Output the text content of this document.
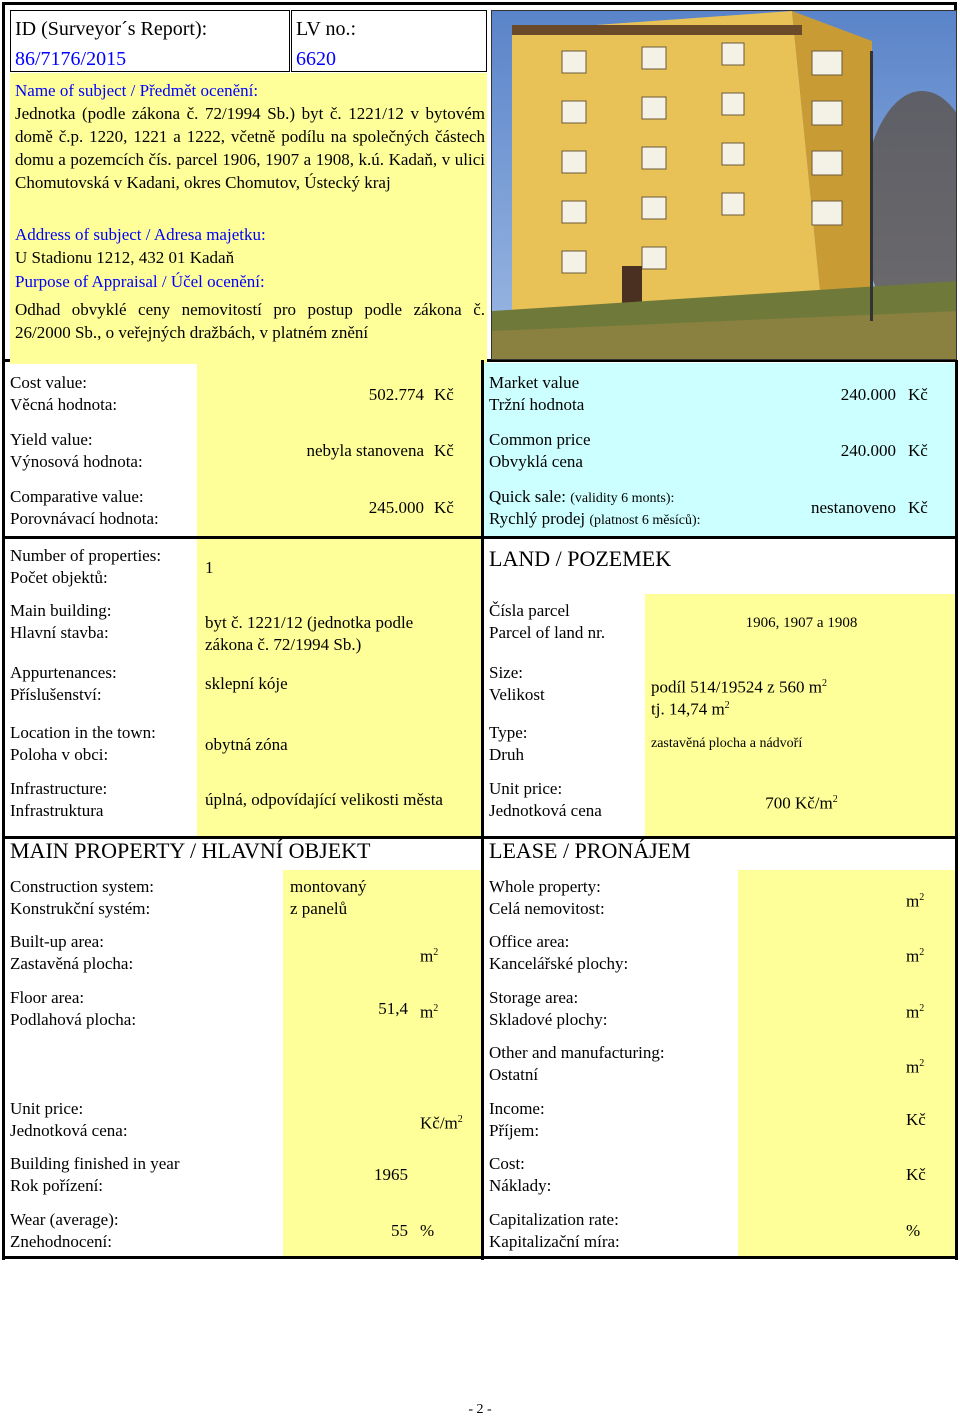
ID (Surveyor´s Report):
86/7176/2015
LV no.:
6620
Name of subject / Předmět ocenění:
Jednotka (podle zákona č. 72/1994 Sb.) byt č. 1221/12 v bytovém domě č.p. 1220, 1221 a 1222, včetně podílu na společných částech domu a pozemcích čís. parcel 1906, 1907 a 1908, k.ú. Kadaň, v ulici Chomutovská v Kadani, okres Chomutov, Ústecký kraj
Address of subject / Adresa majetku:
U Stadionu 1212, 432 01 Kadaň
Purpose of Appraisal / Účel ocenění:
Odhad obvyklé ceny nemovitostí pro postup podle zákona č. 26/2000 Sb., o veřejných dražbách, v platném znění
Cost value:
Věcná hodnota:
502.774 Kč
Yield value:
Výnosová hodnota:
nebyla stanovena Kč
Comparative value:
Porovnávací hodnota:
245.000 Kč
Market value
Tržní hodnota
240.000 Kč
Common price
Obvyklá cena
240.000 Kč
Quick sale: (validity 6 monts):
Rychlý prodej (platnost 6 měsíců):
nestanoveno Kč
Number of properties:
Počet objektů:
1
Main building:
Hlavní stavba:
byt č. 1221/12 (jednotka podle zákona č. 72/1994 Sb.)
Appurtenances:
Příslušenství:
sklepní kóje
Location in the town:
Poloha v obci:
obytná zóna
Infrastructure:
Infrastruktura
úplná, odpovídající velikosti města
LAND / POZEMEK
Čísla parcel
Parcel of land nr.	1906, 1907 a 1908
Size:
Velikost	podíl 514/19524 z 560 $m^2$
tj. 14,74 $m^2$
Type:
Druh
zastavěná plocha a nádvoří
Unit price:
Jednotková cena	700 $Kč/m^2$
MAIN PROPERTY / HLAVNÍ OBJEKT	LEASE / PRONÁJEM
Construction system:
Konstrukční systém:
montovaný
z panelů
Built-up area:
Zastavěná plocha:	$m^2$
Floor area:
Podlahová plocha:
51,4 $m^2$
Unit price:
Jednotková cena:	$Kč/m^2$
Building finished in year
Rok pořízení:
1965
Wear (average):
Znehodnocení:
55 %
Whole property:
Celá nemovitost:	$m^2$
Office area:
Kancelářské plochy:	$m^2$
Storage area:
Skladové plochy:	$m^2$
Other and manufacturing:
Ostatní	$m^2$
Income:
Příjem:
Kč
Cost:
Náklady:
Kč
Capitalization rate:
Kapitalizační míra:
%
- 2 -
